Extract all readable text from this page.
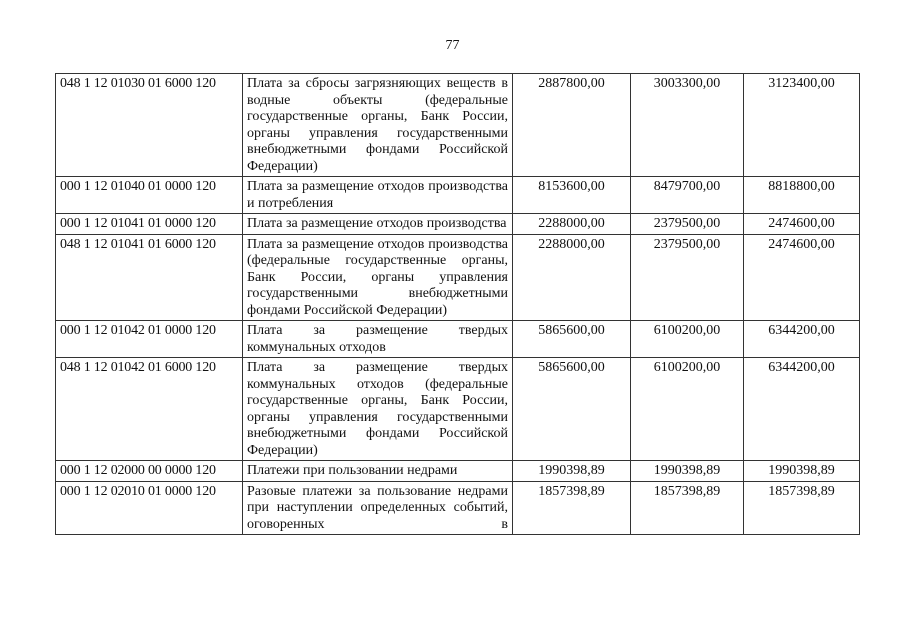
77
048 1 12 01030 01 6000 120	Плата за сбросы загрязняющих веществ в водные объекты (федеральные государственные органы, Банк России, органы управления государственными внебюджетными фондами Российской Федерации)	2887800,00	3003300,00	3123400,00
000 1 12 01040 01 0000 120	Плата за размещение отходов производства и потребления	8153600,00	8479700,00	8818800,00
000 1 12 01041 01 0000 120	Плата за размещение отходов производства	2288000,00	2379500,00	2474600,00
048 1 12 01041 01 6000 120	Плата за размещение отходов производства (федеральные государственные органы, Банк России, органы управления государственными внебюджетными фондами Российской Федерации)	2288000,00	2379500,00	2474600,00
000 1 12 01042 01 0000 120	Плата за размещение твердых коммунальных отходов	5865600,00	6100200,00	6344200,00
048 1 12 01042 01 6000 120	Плата за размещение твердых коммунальных отходов (федеральные государственные органы, Банк России, органы управления государственными внебюджетными фондами Российской Федерации)	5865600,00	6100200,00	6344200,00
000 1 12 02000 00 0000 120	Платежи при пользовании недрами	1990398,89	1990398,89	1990398,89
000 1 12 02010 01 0000 120	Разовые платежи за пользование недрами при наступлении определенных событий, оговоренных в	1857398,89	1857398,89	1857398,89
